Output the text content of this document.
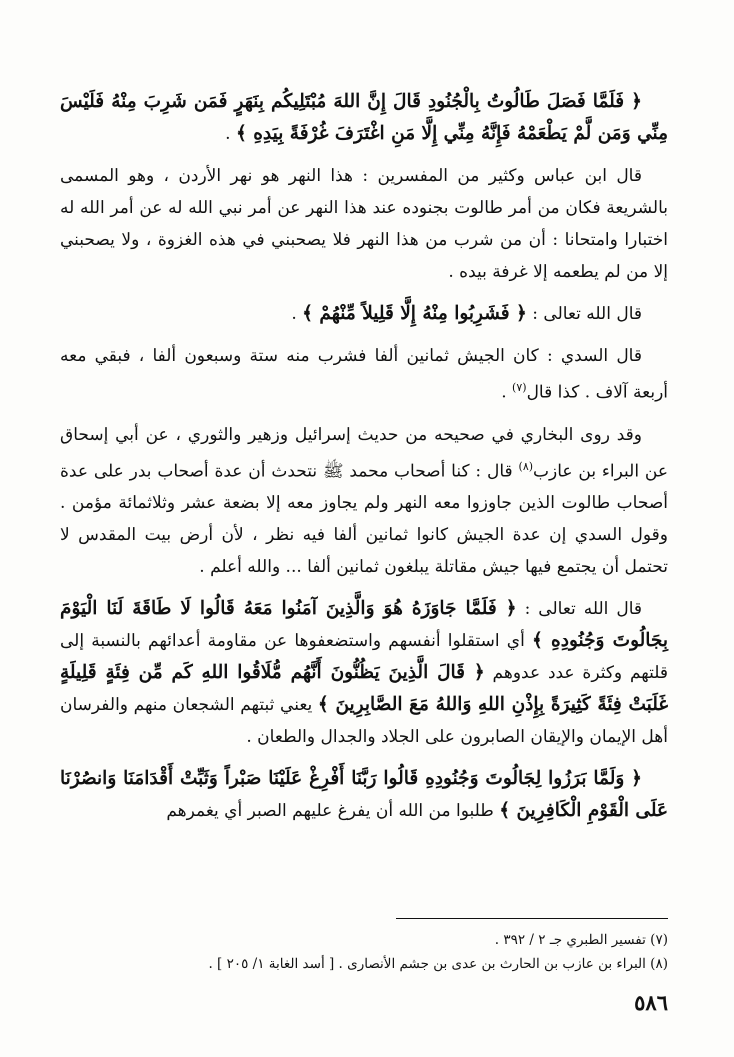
﴿ فَلَمَّا فَصَلَ طَالُوتُ بِالْجُنُودِ قَالَ إِنَّ اللهَ مُبْتَلِيكُم بِنَهَرٍ فَمَن شَرِبَ مِنْهُ فَلَيْسَ مِنِّي وَمَن لَّمْ يَطْعَمْهُ فَإِنَّهُ مِنِّي إِلَّا مَنِ اغْتَرَفَ غُرْفَةً بِيَدِهِ ﴾ .

قال ابن عباس وكثير من المفسرين : هذا النهر هو نهر الأردن ، وهو المسمى بالشريعة فكان من أمر طالوت بجنوده عند هذا النهر عن أمر نبي الله له عن أمر الله له اختبارا وامتحانا : أن من شرب من هذا النهر فلا يصحبني في هذه الغزوة ، ولا يصحبني إلا من لم يطعمه إلا غرفة بيده .

قال الله تعالى : ﴿ فَشَرِبُوا مِنْهُ إِلَّا قَلِيلاً مِّنْهُمْ ﴾ .

قال السدي : كان الجيش ثمانين ألفا فشرب منه ستة وسبعون ألفا ، فبقي معه أربعة آلاف . كذا قال$^{(٧)}$ .

وقد روى البخاري في صحيحه من حديث إسرائيل وزهير والثوري ، عن أبي إسحاق عن البراء بن عازب$^{(٨)}$ قال : كنا أصحاب محمد ﷺ نتحدث أن عدة أصحاب بدر على عدة أصحاب طالوت الذين جاوزوا معه النهر ولم يجاوز معه إلا بضعة عشر وثلاثمائة مؤمن . وقول السدي إن عدة الجيش كانوا ثمانين ألفا فيه نظر ، لأن أرض بيت المقدس لا تحتمل أن يجتمع فيها جيش مقاتلة يبلغون ثمانين ألفا ... والله أعلم .

قال الله تعالى : ﴿ فَلَمَّا جَاوَزَهُ هُوَ وَالَّذِينَ آمَنُوا مَعَهُ قَالُوا لَا طَاقَةَ لَنَا الْيَوْمَ بِجَالُوتَ وَجُنُودِهِ ﴾ أي استقلوا أنفسهم واستضعفوها عن مقاومة أعدائهم بالنسبة إلى قلتهم وكثرة عدد عدوهم ﴿ قَالَ الَّذِينَ يَظُنُّونَ أَنَّهُم مُّلَاقُوا اللهِ كَم مِّن فِئَةٍ قَلِيلَةٍ غَلَبَتْ فِئَةً كَثِيرَةً بِإِذْنِ اللهِ وَاللهُ مَعَ الصَّابِرِينَ ﴾ يعني ثبتهم الشجعان منهم والفرسان أهل الإيمان والإيقان الصابرون على الجلاد والجدال والطعان .

﴿ وَلَمَّا بَرَزُوا لِجَالُوتَ وَجُنُودِهِ قَالُوا رَبَّنَا أَفْرِغْ عَلَيْنَا صَبْراً وَثَبِّتْ أَقْدَامَنَا وَانصُرْنَا عَلَى الْقَوْمِ الْكَافِرِينَ ﴾ طلبوا من الله أن يفرغ عليهم الصبر أي يغمرهم

(٧) تفسير الطبري جـ ٢ / ٣٩٢ .

(٨) البراء بن عازب بن الحارث بن عدى بن جشم الأنصارى . [ أسد الغابة ١/ ٢٠٥ ] .

٥٨٦
